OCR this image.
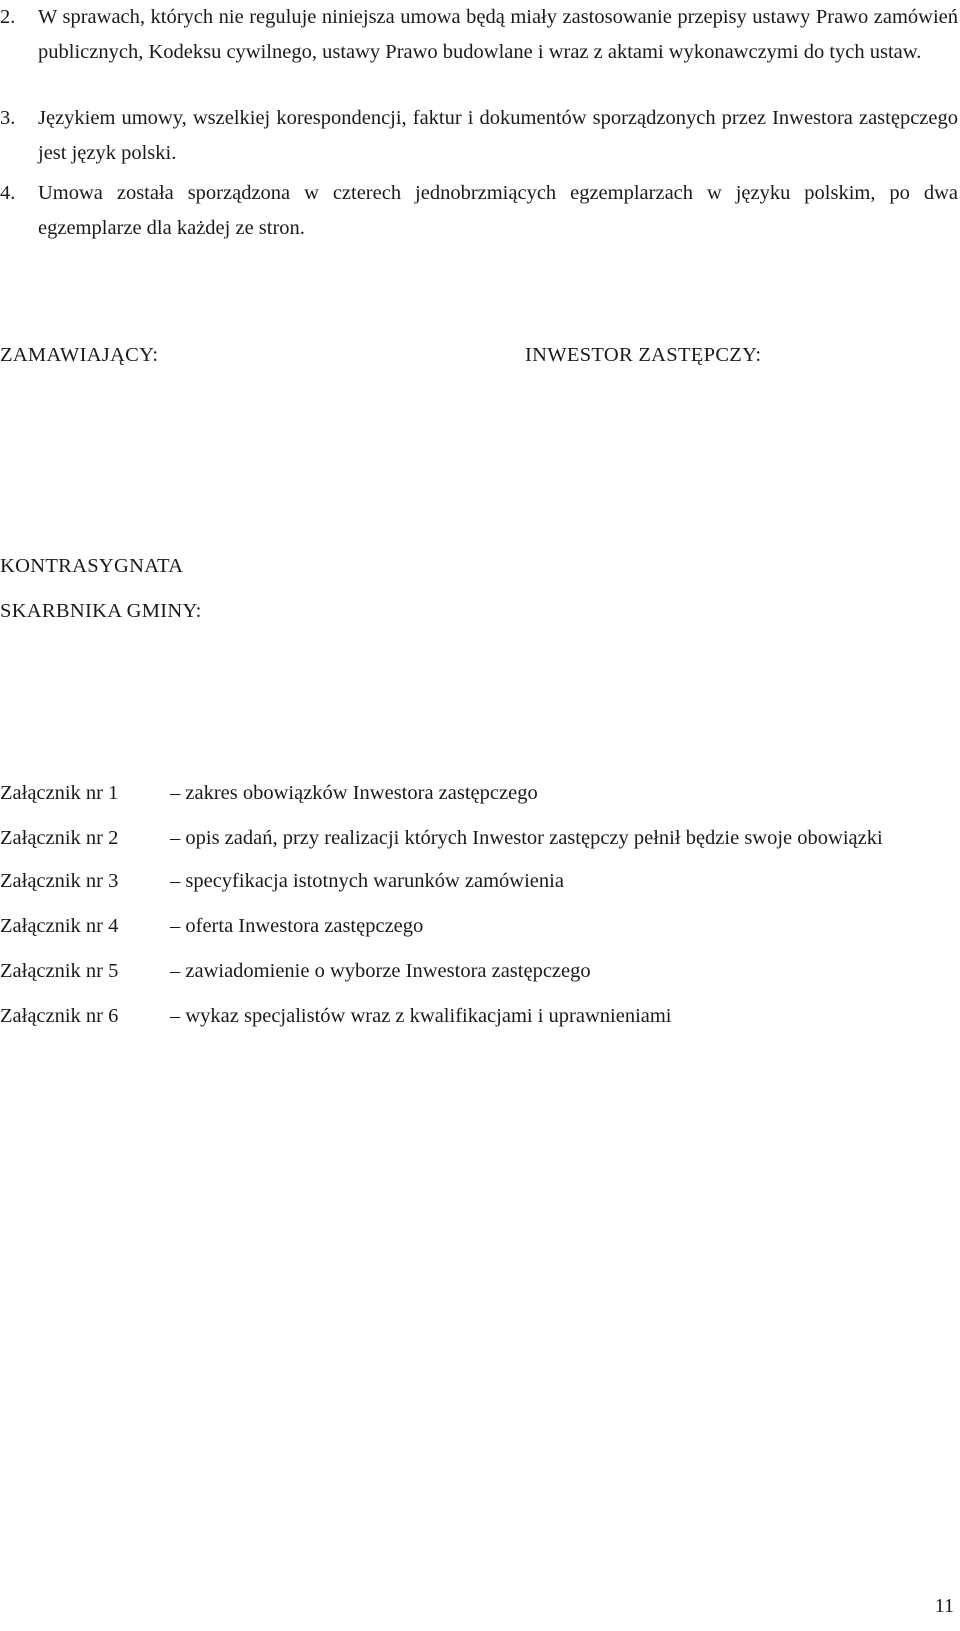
2.	W sprawach, których nie reguluje niniejsza umowa będą miały zastosowanie przepisy ustawy Prawo zamówień publicznych, Kodeksu cywilnego, ustawy Prawo budowlane i wraz z aktami wykonawczymi do tych ustaw.
3.	Językiem umowy, wszelkiej korespondencji, faktur i dokumentów sporządzonych przez Inwestora zastępczego jest język polski.
4.	Umowa została sporządzona w czterech jednobrzmiących egzemplarzach w języku polskim, po dwa egzemplarze dla każdej ze stron.
ZAMAWIAJĄCY:	INWESTOR ZASTĘPCZY:
KONTRASYGNATA
SKARBNIKA GMINY:
Załącznik nr 1	– zakres obowiązków Inwestora zastępczego
Załącznik nr 2	– opis zadań, przy realizacji których Inwestor zastępczy pełnił będzie swoje obowiązki
Załącznik nr 3	– specyfikacja istotnych warunków zamówienia
Załącznik nr 4	– oferta Inwestora zastępczego
Załącznik nr 5	– zawiadomienie o wyborze Inwestora zastępczego
Załącznik nr 6	– wykaz specjalistów wraz z kwalifikacjami i uprawnieniami
11
